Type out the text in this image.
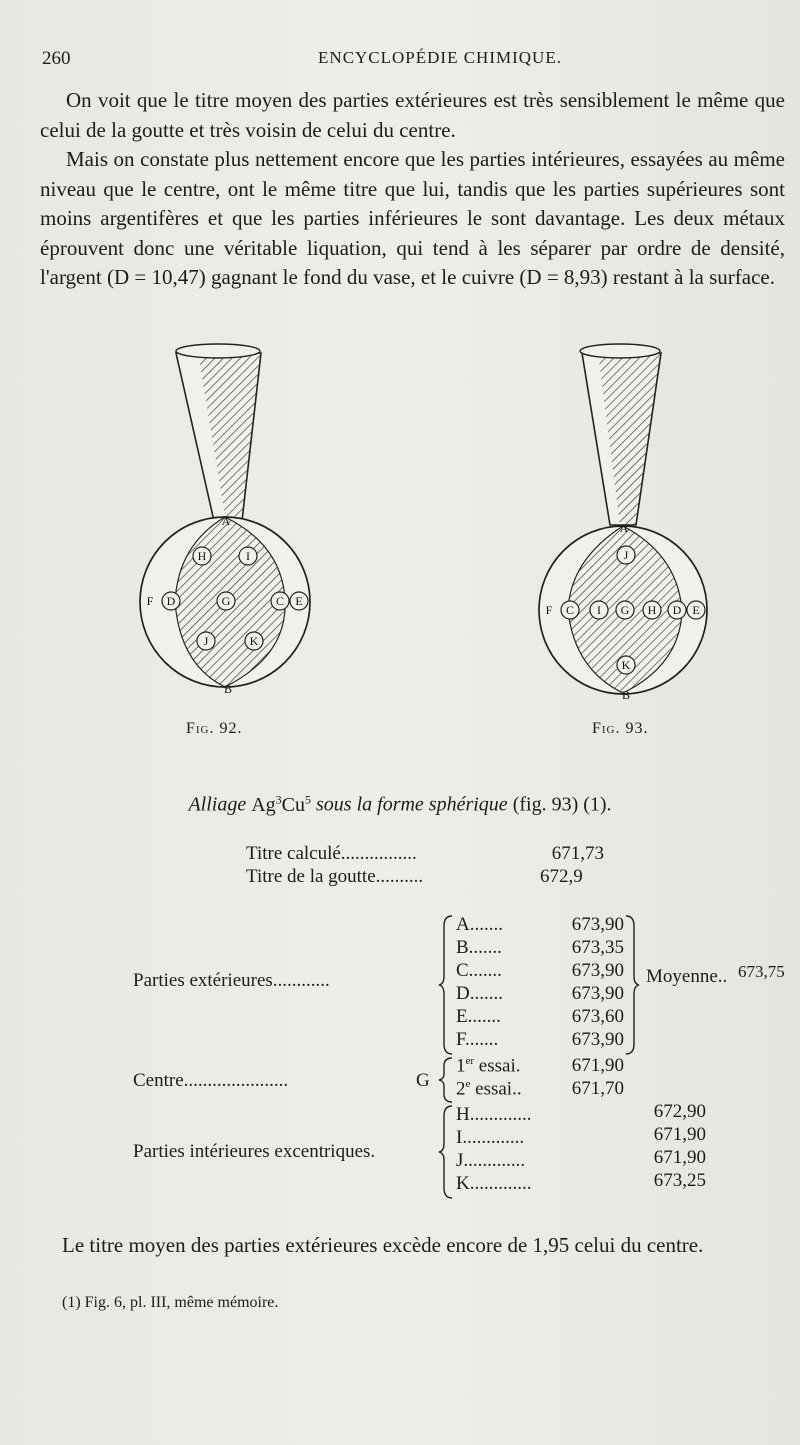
260	ENCYCLOPÉDIE CHIMIQUE.

On voit que le titre moyen des parties extérieures est très sensiblement le même que celui de la goutte et très voisin de celui du centre.

Mais on constate plus nettement encore que les parties intérieures, essayées au même niveau que le centre, ont le même titre que lui, tandis que les parties supérieures sont moins argentifères et que les parties inférieures le sont davantage. Les deux métaux éprouvent donc une véritable liquation, qui tend à les séparer par ordre de densité, l'argent (D = 10,47) gagnant le fond du vase, et le cuivre (D = 8,93) restant à la surface.

A
H	I
F D	G	C E
J	K
B
A
J
F C I G H D E
K
B
Fig. 92.	Fig. 93.
Alliage Ag$^3$Cu$^5$ sous la forme sphérique (fig. 93) (1).
Titre calculé................	671,73
Titre de la goutte..........	672,9
Parties extérieures............
A.......	673,90
B.......	673,35
C.......	673,90
D.......	673,90
E.......	673,60
F.......	673,90
Moyenne.. 673,75
Centre......................	G
1er essai.	671,90
2e essai..	671,70
Parties intérieures excentriques.
H.............	672,90
I.............	671,90
J.............	671,90
K.............	673,25
Le titre moyen des parties extérieures excède encore de 1,95 celui du centre.
(1) Fig. 6, pl. III, même mémoire.
